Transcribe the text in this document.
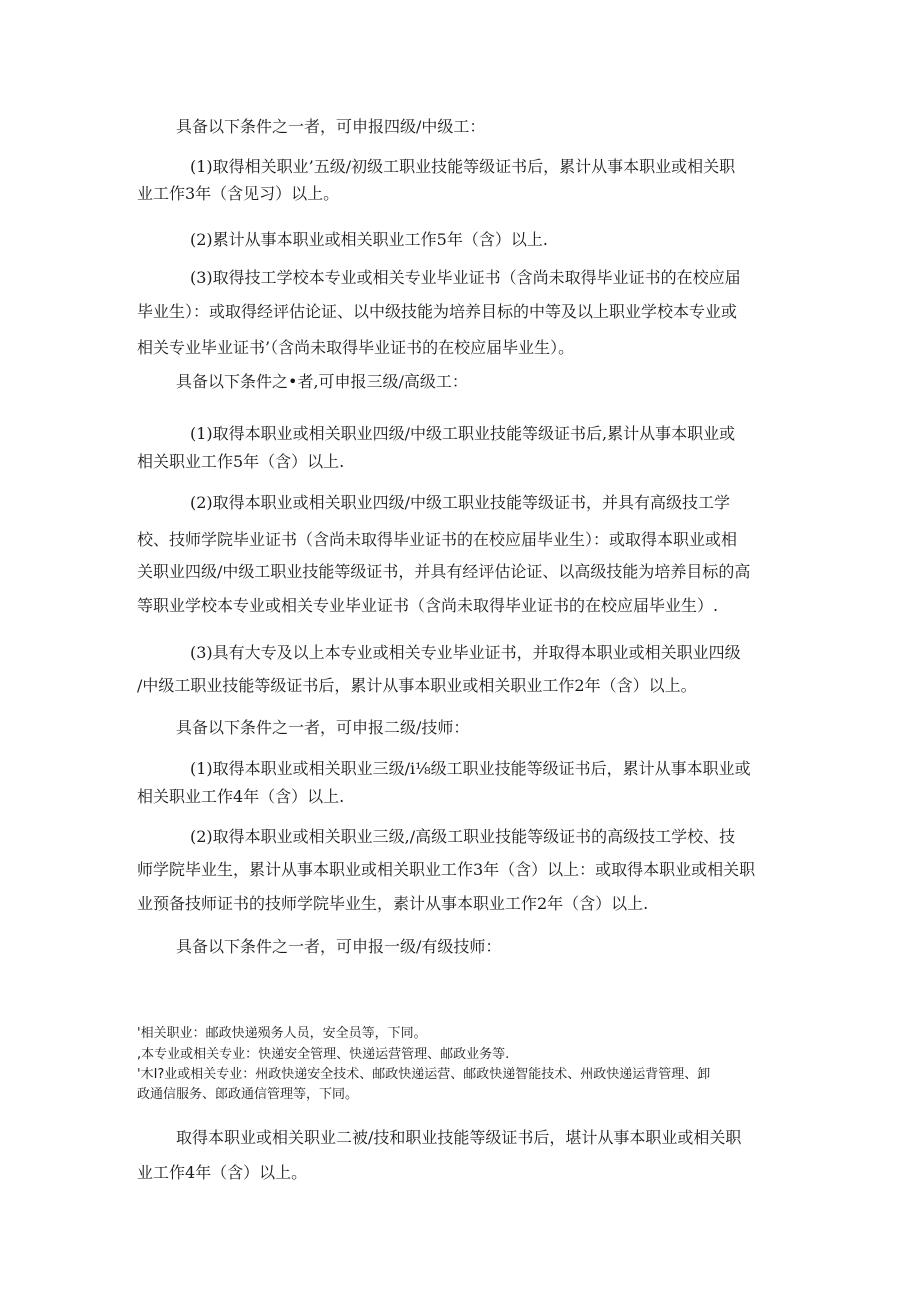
具备以下条件之一者，可申报四级/中级工：
(1)取得相关职业’五级/初级工职业技能等级证书后，累计从事本职业或相关职
业工作3年（含见习）以上。
(2)累计从事本职业或相关职业工作5年（含）以上.
(3)取得技工学校本专业或相关专业毕业证书（含尚未取得毕业证书的在校应届
毕业生）：或取得经评估论证、以中级技能为培养目标的中等及以上职业学校本专业或
相关专业毕业证书’（含尚未取得毕业证书的在校应届毕业生）。
具备以下条件之•者,可申报三级/高级工：
(1)取得本职业或相关职业四级/中级工职业技能等级证书后,累计从事本职业或
相关职业工作5年（含）以上.
(2)取得本职业或相关职业四级/中级工职业技能等级证书，并具有高级技工学
校、技师学院毕业证书（含尚未取得毕业证书的在校应届毕业生）：或取得本职业或相
关职业四级/中级工职业技能等级证书，并具有经评估论证、以高级技能为培养目标的高
等职业学校本专业或相关专业毕业证书（含尚未取得毕业证书的在校应届毕业生）.
(3)具有大专及以上本专业或相关专业毕业证书，并取得本职业或相关职业四级
/中级工职业技能等级证书后，累计从事本职业或相关职业工作2年（含）以上。
具备以下条件之一者，可申报二级/技师：
(1)取得本职业或相关职业三级/i⅛级工职业技能等级证书后，累计从事本职业或
相关职业工作4年（含）以上.
(2)取得本职业或相关职业三级,/高级工职业技能等级证书的高级技工学校、技
师学院毕业生，累计从事本职业或相关职业工作3年（含）以上：或取得本职业或相关职
业预备技师证书的技师学院毕业生，素计从事本职业工作2年（含）以上.
具备以下条件之一者，可申报一级/有级技师：
'相关职业：邮政快递殒务人员，安全员等，下同。
,本专业或相关专业：快递安全管理、快递运营管理、邮政业务等.
'木I?业或相关专业：州政快递安全技术、邮政快递运营、邮政快递智能技术、州政快递运背管理、卸
政通信服务、郎政通信管理等，下同。
取得本职业或相关职业二被/技和职业技能等级证书后，堪计从事本职业或相关职
业工作4年（含）以上。
